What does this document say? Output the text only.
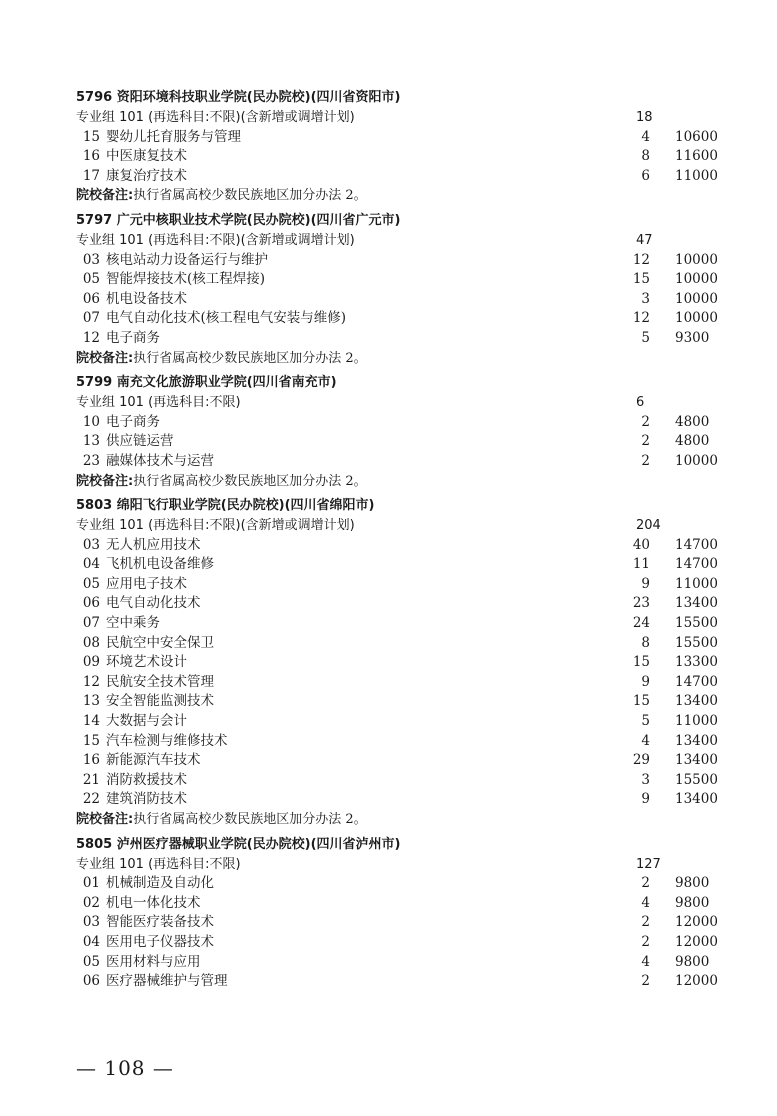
5796 资阳环境科技职业学院(民办院校)(四川省资阳市)
专业组 101 (再选科目:不限)(含新增或调增计划)	18
15 婴幼儿托育服务与管理	4 10600
16 中医康复技术	8 11600
17 康复治疗技术	6 11000
院校备注:执行省属高校少数民族地区加分办法 2。
5797 广元中核职业技术学院(民办院校)(四川省广元市)
专业组 101 (再选科目:不限)(含新增或调增计划)	47
03 核电站动力设备运行与维护	12 10000
05 智能焊接技术(核工程焊接)	15 10000
06 机电设备技术	3 10000
07 电气自动化技术(核工程电气安装与维修)	12 10000
12 电子商务	5 9300
院校备注:执行省属高校少数民族地区加分办法 2。
5799 南充文化旅游职业学院(四川省南充市)
专业组 101 (再选科目:不限)	6
10 电子商务	2 4800
13 供应链运营	2 4800
23 融媒体技术与运营	2 10000
院校备注:执行省属高校少数民族地区加分办法 2。
5803 绵阳飞行职业学院(民办院校)(四川省绵阳市)
专业组 101 (再选科目:不限)(含新增或调增计划)	204
03 无人机应用技术	40 14700
04 飞机机电设备维修	11 14700
05 应用电子技术	9 11000
06 电气自动化技术	23 13400
07 空中乘务	24 15500
08 民航空中安全保卫	8 15500
09 环境艺术设计	15 13300
12 民航安全技术管理	9 14700
13 安全智能监测技术	15 13400
14 大数据与会计	5 11000
15 汽车检测与维修技术	4 13400
16 新能源汽车技术	29 13400
21 消防救援技术	3 15500
22 建筑消防技术	9 13400
院校备注:执行省属高校少数民族地区加分办法 2。
5805 泸州医疗器械职业学院(民办院校)(四川省泸州市)
专业组 101 (再选科目:不限)	127
01 机械制造及自动化	2 9800
02 机电一体化技术	4 9800
03 智能医疗装备技术	2 12000
04 医用电子仪器技术	2 12000
05 医用材料与应用	4 9800
06 医疗器械维护与管理	2 12000
— 108 —
